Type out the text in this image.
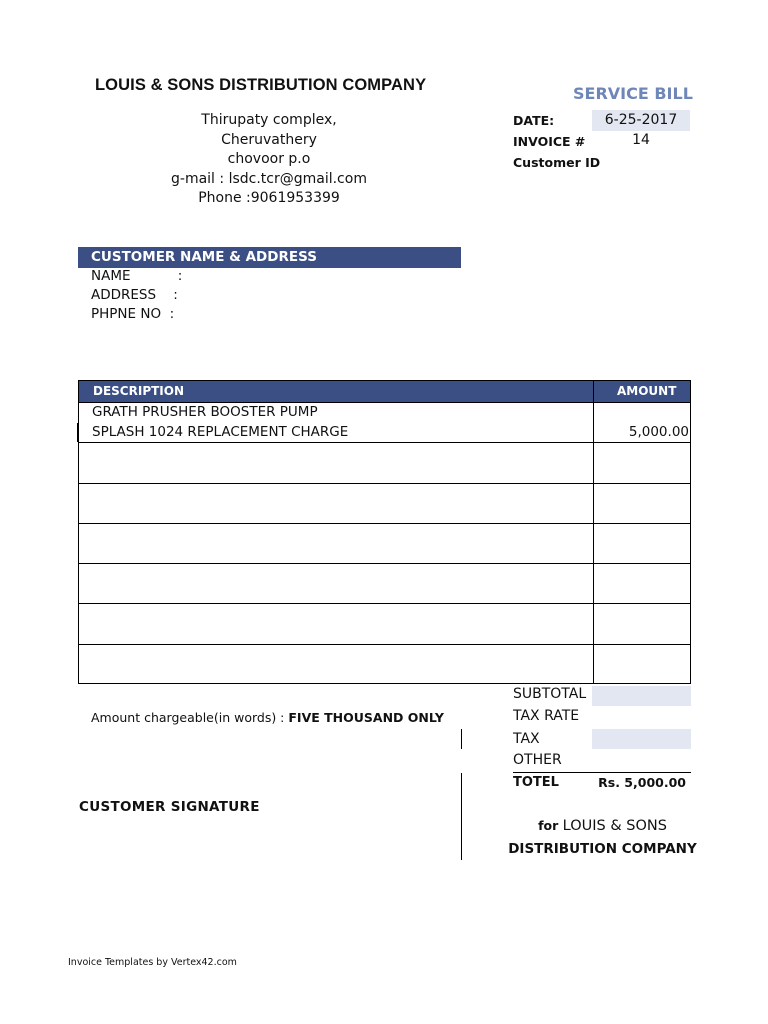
LOUIS & SONS DISTRIBUTION COMPANY
Thirupaty complex,
Cheruvathery
chovoor p.o
g-mail : lsdc.tcr@gmail.com
Phone :9061953399
SERVICE BILL
DATE:	6-25-2017
INVOICE #	14
Customer ID
CUSTOMER NAME & ADDRESS
NAME           :
ADDRESS    :
PHPNE NO  :
DESCRIPTION	AMOUNT
GRATH PRUSHER BOOSTER PUMP
SPLASH 1024 REPLACEMENT CHARGE	5,000.00
SUBTOTAL
TAX RATE
TAX
OTHER
TOTEL	Rs. 5,000.00
Amount chargeable(in words) : FIVE THOUSAND ONLY
CUSTOMER SIGNATURE
for LOUIS & SONS
DISTRIBUTION COMPANY
Invoice Templates by Vertex42.com
